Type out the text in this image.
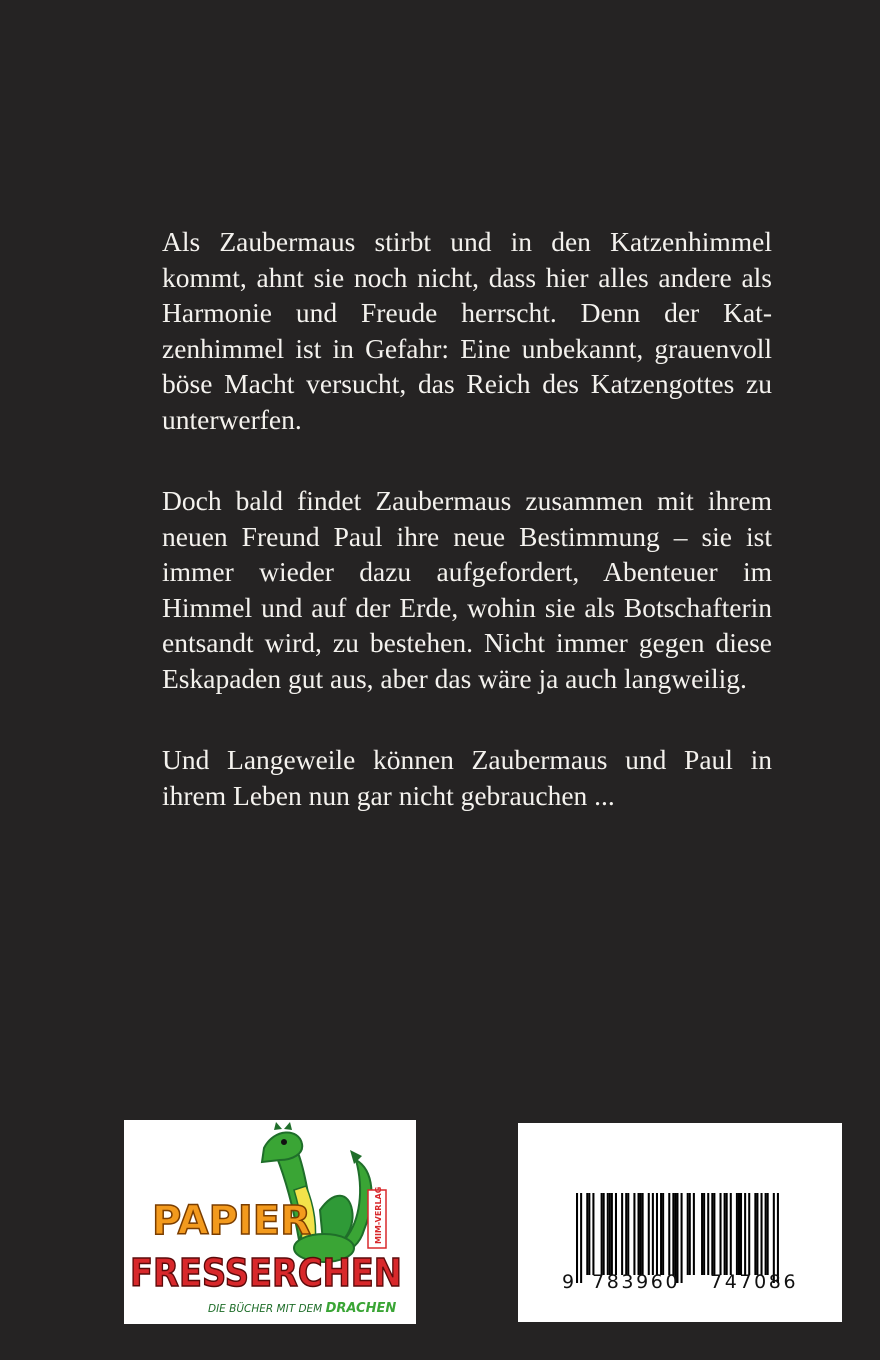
Als Zaubermaus stirbt und in den Katzenhimmel kommt, ahnt sie noch nicht, dass hier alles andere als Harmonie und Freude herrscht. Denn der Katzenhimmel ist in Gefahr: Eine unbekannt, grauenvoll böse Macht versucht, das Reich des Katzengottes zu unterwerfen.

Doch bald findet Zaubermaus zusammen mit ihrem neuen Freund Paul ihre neue Bestimmung – sie ist immer wieder dazu aufgefordert, Abenteuer im Himmel und auf der Erde, wohin sie als Botschafterin entsandt wird, zu bestehen. Nicht immer gegen diese Eskapaden gut aus, aber das wäre ja auch langweilig.

Und Langeweile können Zaubermaus und Paul in ihrem Leben nun gar nicht gebrauchen ...

PAPIER
FRESSERCHEN
MIM-VERLAG
DIE BÜCHER MIT DEM DRACHEN
9 783960 747086
